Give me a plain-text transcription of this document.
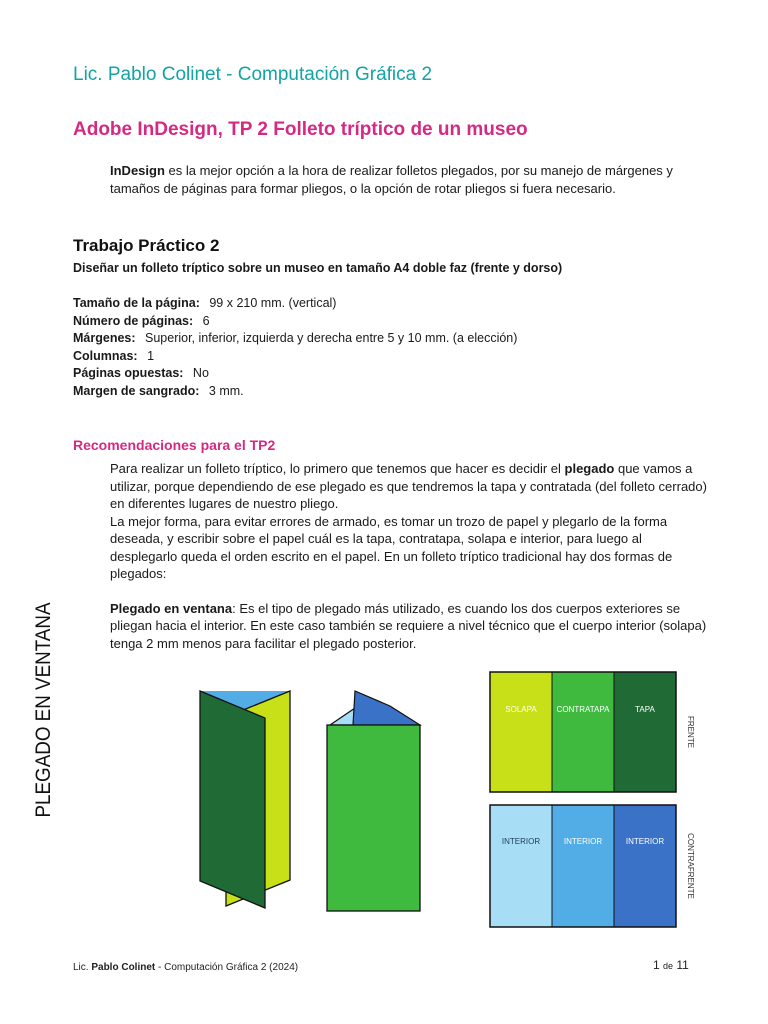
Lic. Pablo Colinet - Computación Gráfica 2
Adobe InDesign, TP 2 Folleto tríptico de un museo
InDesign es la mejor opción a la hora de realizar folletos plegados, por su manejo de márgenes y tamaños de páginas para formar pliegos, o la opción de rotar pliegos si fuera necesario.
Trabajo Práctico 2
Diseñar un folleto tríptico sobre un museo en tamaño A4 doble faz (frente y dorso)
Tamaño de la página: 99 x 210 mm. (vertical)
Número de páginas: 6
Márgenes: Superior, inferior, izquierda y derecha entre 5 y 10 mm. (a elección)
Columnas: 1
Páginas opuestas: No
Margen de sangrado: 3 mm.
Recomendaciones para el TP2

Para realizar un folleto tríptico, lo primero que tenemos que hacer es decidir el plegado que vamos a utilizar, porque dependiendo de ese plegado es que tendremos la tapa y contratada (del folleto cerrado) en diferentes lugares de nuestro pliego.

La mejor forma, para evitar errores de armado, es tomar un trozo de papel y plegarlo de la forma deseada, y escribir sobre el papel cuál es la tapa, contratapa, solapa e interior, para luego al desplegarlo queda el orden escrito en el papel. En un folleto tríptico tradicional hay dos formas de plegados:

Plegado en ventana: Es el tipo de plegado más utilizado, es cuando los dos cuerpos exteriores se pliegan hacia el interior. En este caso también se requiere a nivel técnico que el cuerpo interior (solapa) tenga 2 mm menos para facilitar el plegado posterior.

PLEGADO EN VENTANA	SOLAPA CONTRATAPA	TAPA
FRENTE
INTERIOR	INTERIOR	INTERIOR	CONTRAFRENTE
Lic. Pablo Colinet - Computación Gráfica 2 (2024)	1 de 11
